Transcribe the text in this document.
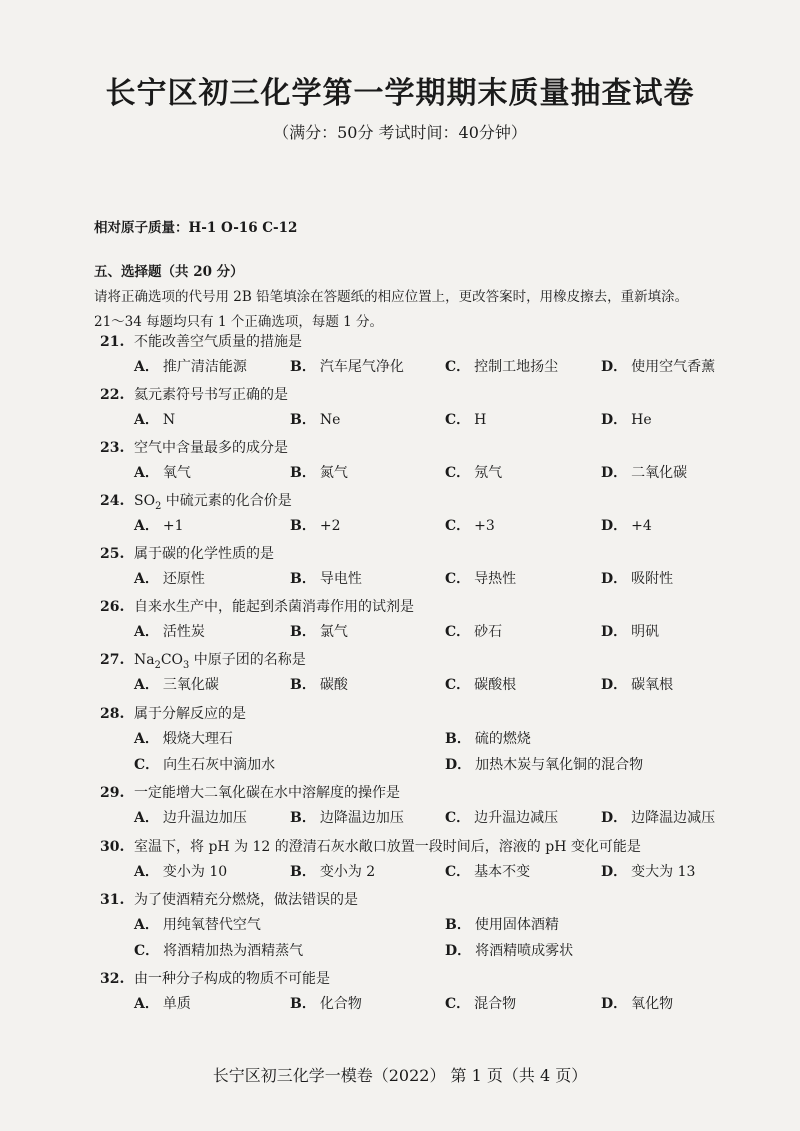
长宁区初三化学第一学期期末质量抽查试卷
（满分：50分 考试时间：40分钟）
相对原子质量：H-1 O-16 C-12
五、选择题（共 20 分）
请将正确选项的代号用 2B 铅笔填涂在答题纸的相应位置上，更改答案时，用橡皮擦去，重新填涂。
21～34 每题均只有 1 个正确选项，每题 1 分。
21. 不能改善空气质量的措施是
A． 推广清洁能源	B． 汽车尾气净化	C． 控制工地扬尘	D． 使用空气香薰
22. 氦元素符号书写正确的是
A． N	B． Ne	C． H	D． He
23. 空气中含量最多的成分是
A． 氧气	B． 氮气	C． 氖气	D． 二氧化碳
24. $SO_2$ 中硫元素的化合价是
A． +1	B． +2	C． +3	D． +4
25. 属于碳的化学性质的是
A． 还原性	B． 导电性	C． 导热性	D． 吸附性
26. 自来水生产中，能起到杀菌消毒作用的试剂是
A． 活性炭	B． 氯气	C． 砂石	D． 明矾
27. $Na_2CO_3$ 中原子团的名称是
A． 三氧化碳	B． 碳酸	C． 碳酸根	D． 碳氧根
28. 属于分解反应的是
A． 煅烧大理石	B． 硫的燃烧
C． 向生石灰中滴加水	D． 加热木炭与氧化铜的混合物
29. 一定能增大二氧化碳在水中溶解度的操作是
A． 边升温边加压	B． 边降温边加压	C． 边升温边减压	D． 边降温边减压
30. 室温下，将 pH 为 12 的澄清石灰水敞口放置一段时间后，溶液的 pH 变化可能是
A． 变小为 10	B． 变小为 2	C． 基本不变	D． 变大为 13
31. 为了使酒精充分燃烧，做法错误的是
A． 用纯氧替代空气	B． 使用固体酒精
C． 将酒精加热为酒精蒸气	D． 将酒精喷成雾状
32. 由一种分子构成的物质不可能是
A． 单质	B． 化合物	C． 混合物	D． 氧化物
长宁区初三化学一模卷（2022） 第 1 页（共 4 页）
